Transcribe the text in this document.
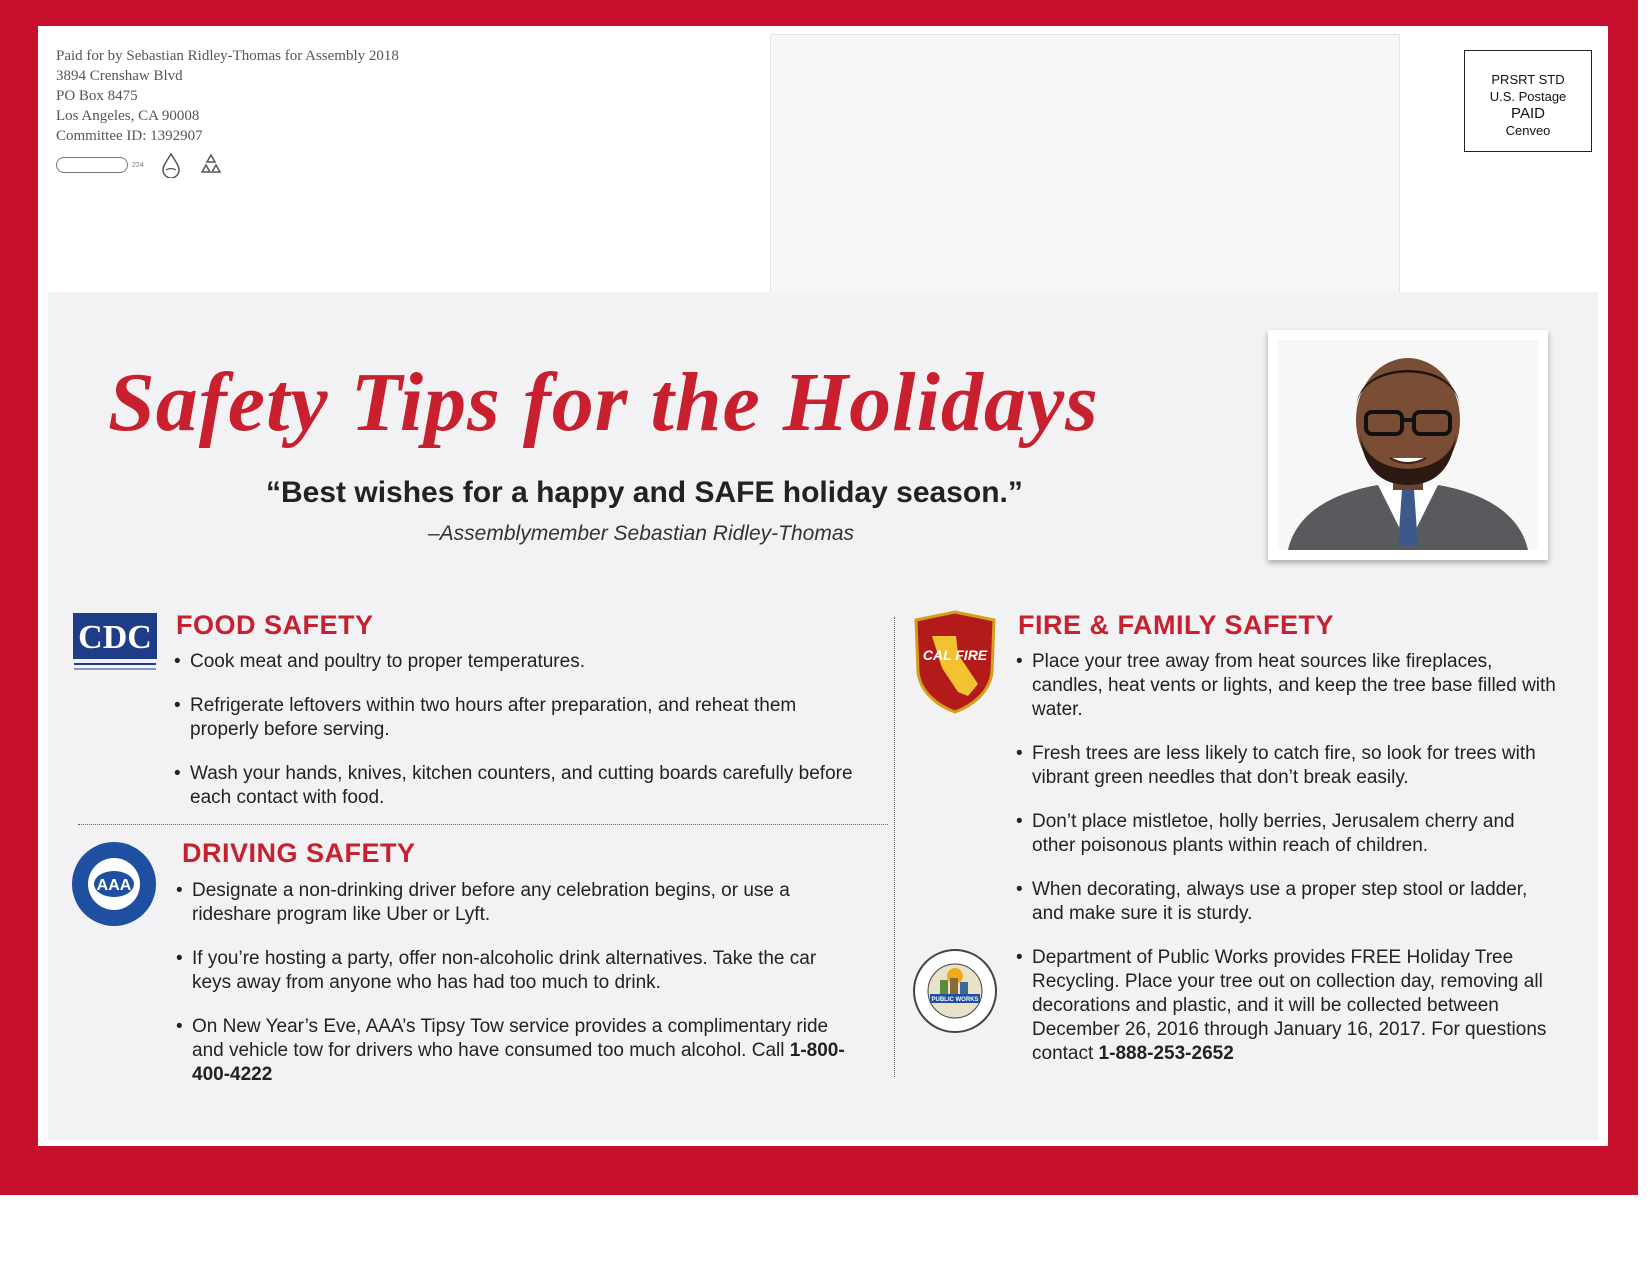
Paid for by Sebastian Ridley-Thomas for Assembly 2018
3894 Crenshaw Blvd
PO Box 8475
Los Angeles, CA 90008
Committee ID: 1392907
224
PRSRT STD
U.S. Postage
PAID
Cenveo
Safety Tips for the Holidays
“Best wishes for a happy and SAFE holiday season.”
–Assemblymember Sebastian Ridley-Thomas
CDC FOOD SAFETY
• Cook meat and poultry to proper temperatures.
• Refrigerate leftovers within two hours after preparation, and reheat them properly before serving.
• Wash your hands, knives, kitchen counters, and cutting boards carefully before each contact with food.
AAA
DRIVING SAFETY
• Designate a non-drinking driver before any celebration begins, or use a rideshare program like Uber or Lyft.
• If you’re hosting a party, offer non-alcoholic drink alternatives. Take the car keys away from anyone who has had too much to drink.
• On New Year’s Eve, AAA’s Tipsy Tow service provides a complimentary ride and vehicle tow for drivers who have consumed too much alcohol. Call 1-800-400-4222
CAL FIRE
FIRE & FAMILY SAFETY
• Place your tree away from heat sources like fireplaces, candles, heat vents or lights, and keep the tree base filled with water.
• Fresh trees are less likely to catch fire, so look for trees with vibrant green needles that don’t break easily.
• Don’t place mistletoe, holly berries, Jerusalem cherry and other poisonous plants within reach of children.
• When decorating, always use a proper step stool or ladder, and make sure it is sturdy.
• Department of Public Works provides FREE Holiday Tree Recycling. Place your tree out on collection day, removing all decorations and plastic, and it will be collected between December 26, 2016 through January 16, 2017. For questions contact 1-888-253-2652
PUBLIC WORKS
